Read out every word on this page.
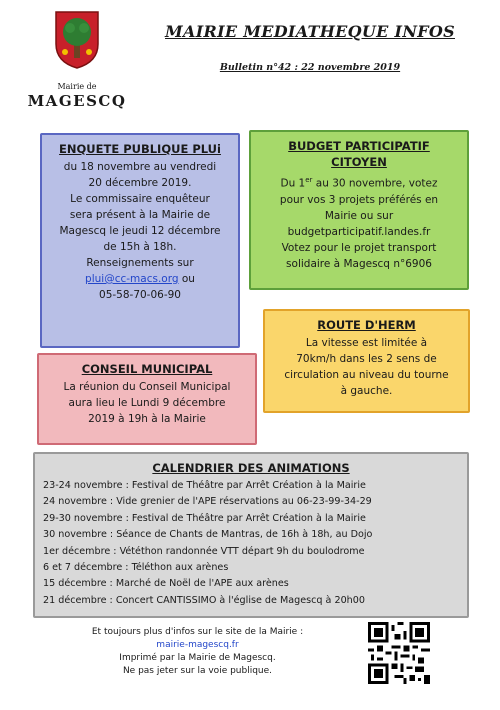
Mairie de
MAGESCQ
MAIRIE MEDIATHEQUE INFOS
Bulletin n°42 : 22 novembre 2019
ENQUETE PUBLIQUE PLUi

du 18 novembre au vendredi

20 décembre 2019.

Le commissaire enquêteur

sera présent à la Mairie de

Magescq le jeudi 12 décembre

de 15h à 18h.

Renseignements sur

plui@cc-macs.org ou

05-58-70-06-90

BUDGET PARTICIPATIF
CITOYEN

Du 1er au 30 novembre, votez

pour vos 3 projets préférés en

Mairie ou sur

budgetparticipatif.landes.fr

Votez pour le projet transport

solidaire à Magescq n°6906

ROUTE D'HERM

La vitesse est limitée à

70km/h dans les 2 sens de

circulation au niveau du tourne

à gauche.

CONSEIL MUNICIPAL

La réunion du Conseil Municipal

aura lieu le Lundi 9 décembre

2019 à 19h à la Mairie

CALENDRIER DES ANIMATIONS
23-24 novembre : Festival de Théâtre par Arrêt Création à la Mairie
24 novembre : Vide grenier de l'APE réservations au 06-23-99-34-29
29-30 novembre : Festival de Théâtre par Arrêt Création à la Mairie
30 novembre : Séance de Chants de Mantras, de 16h à 18h, au Dojo
1er décembre : Vététhon randonnée VTT départ 9h du boulodrome
6 et 7 décembre : Téléthon aux arènes
15 décembre : Marché de Noël de l'APE aux arènes
21 décembre : Concert CANTISSIMO à l'église de Magescq à 20h00
Et toujours plus d'infos sur le site de la Mairie :
mairie-magescq.fr
Imprimé par la Mairie de Magescq.
Ne pas jeter sur la voie publique.
